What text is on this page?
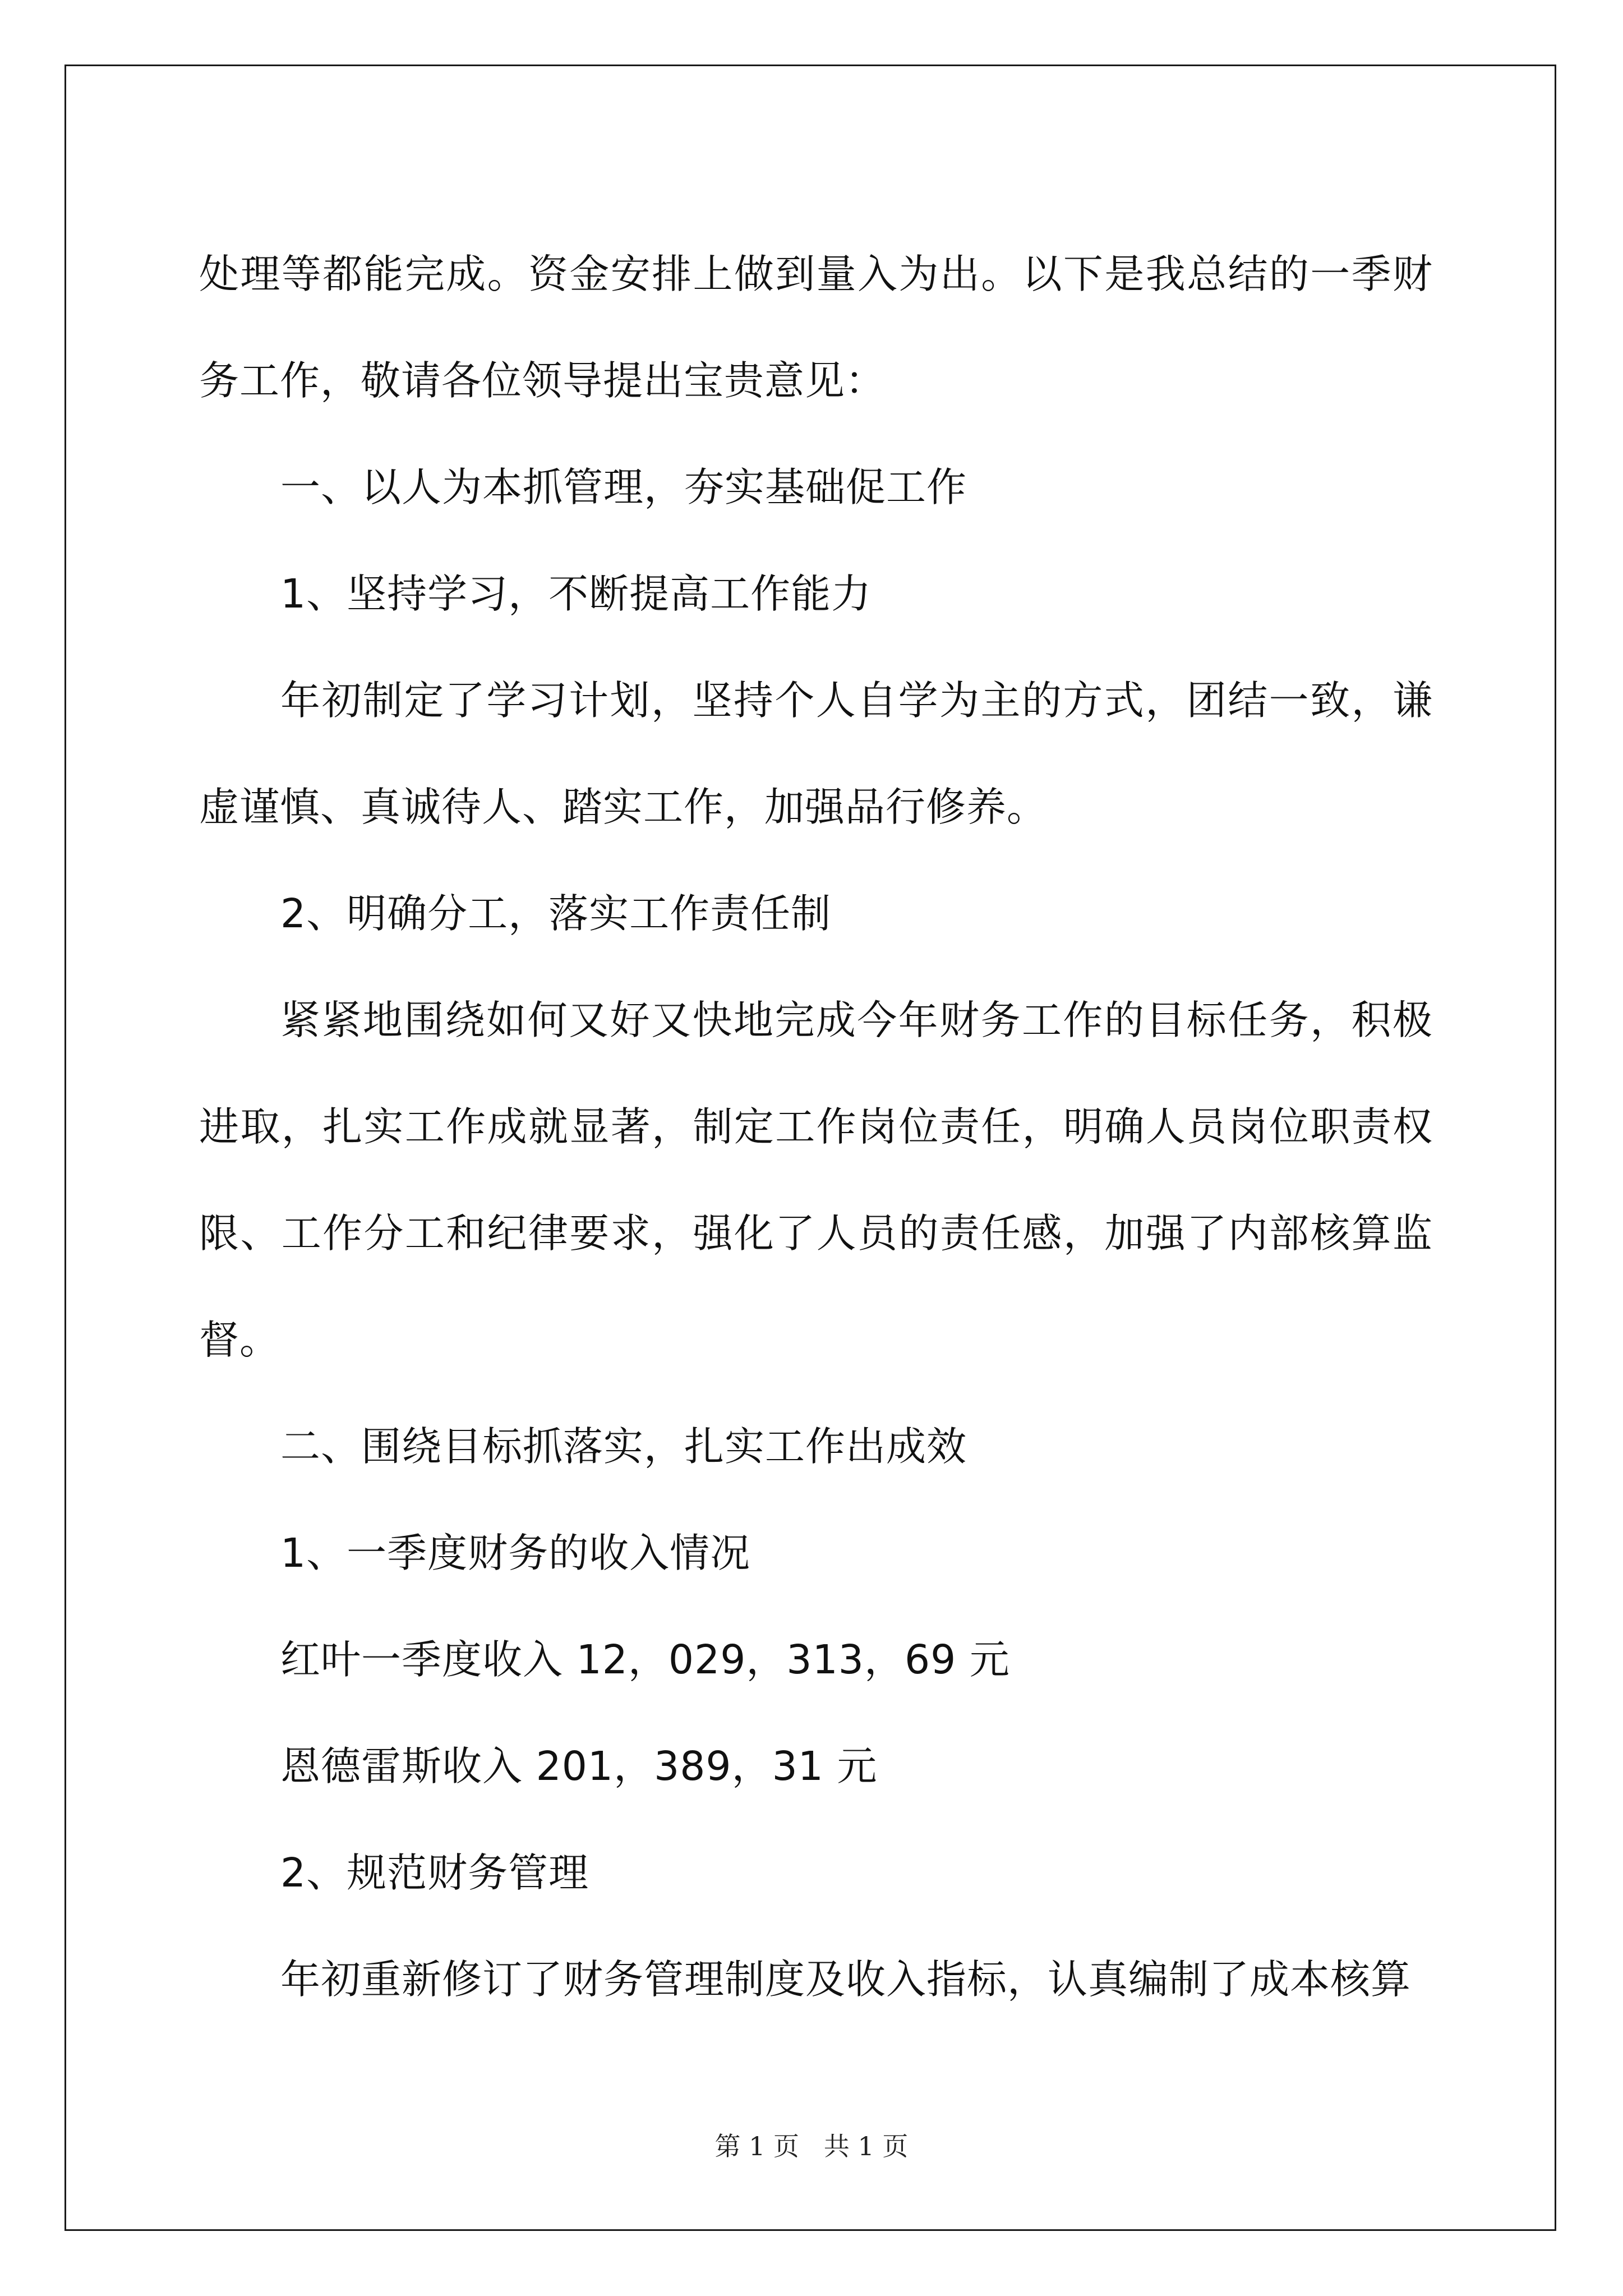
处理等都能完成。资金安排上做到量入为出。以下是我总结的一季财务工作，敬请各位领导提出宝贵意见：

一、以人为本抓管理，夯实基础促工作

1、坚持学习，不断提高工作能力

年初制定了学习计划，坚持个人自学为主的方式，团结一致，谦虚谨慎、真诚待人、踏实工作，加强品行修养。

2、明确分工，落实工作责任制

紧紧地围绕如何又好又快地完成今年财务工作的目标任务，积极进取，扎实工作成就显著，制定工作岗位责任，明确人员岗位职责权限、工作分工和纪律要求，强化了人员的责任感，加强了内部核算监督。

二、围绕目标抓落实，扎实工作出成效

1、一季度财务的收入情况

红叶一季度收入 12，029，313，69 元

恩德雷斯收入 201，389，31 元

2、规范财务管理

年初重新修订了财务管理制度及收入指标，认真编制了成本核算

第 1 页   共 1 页
